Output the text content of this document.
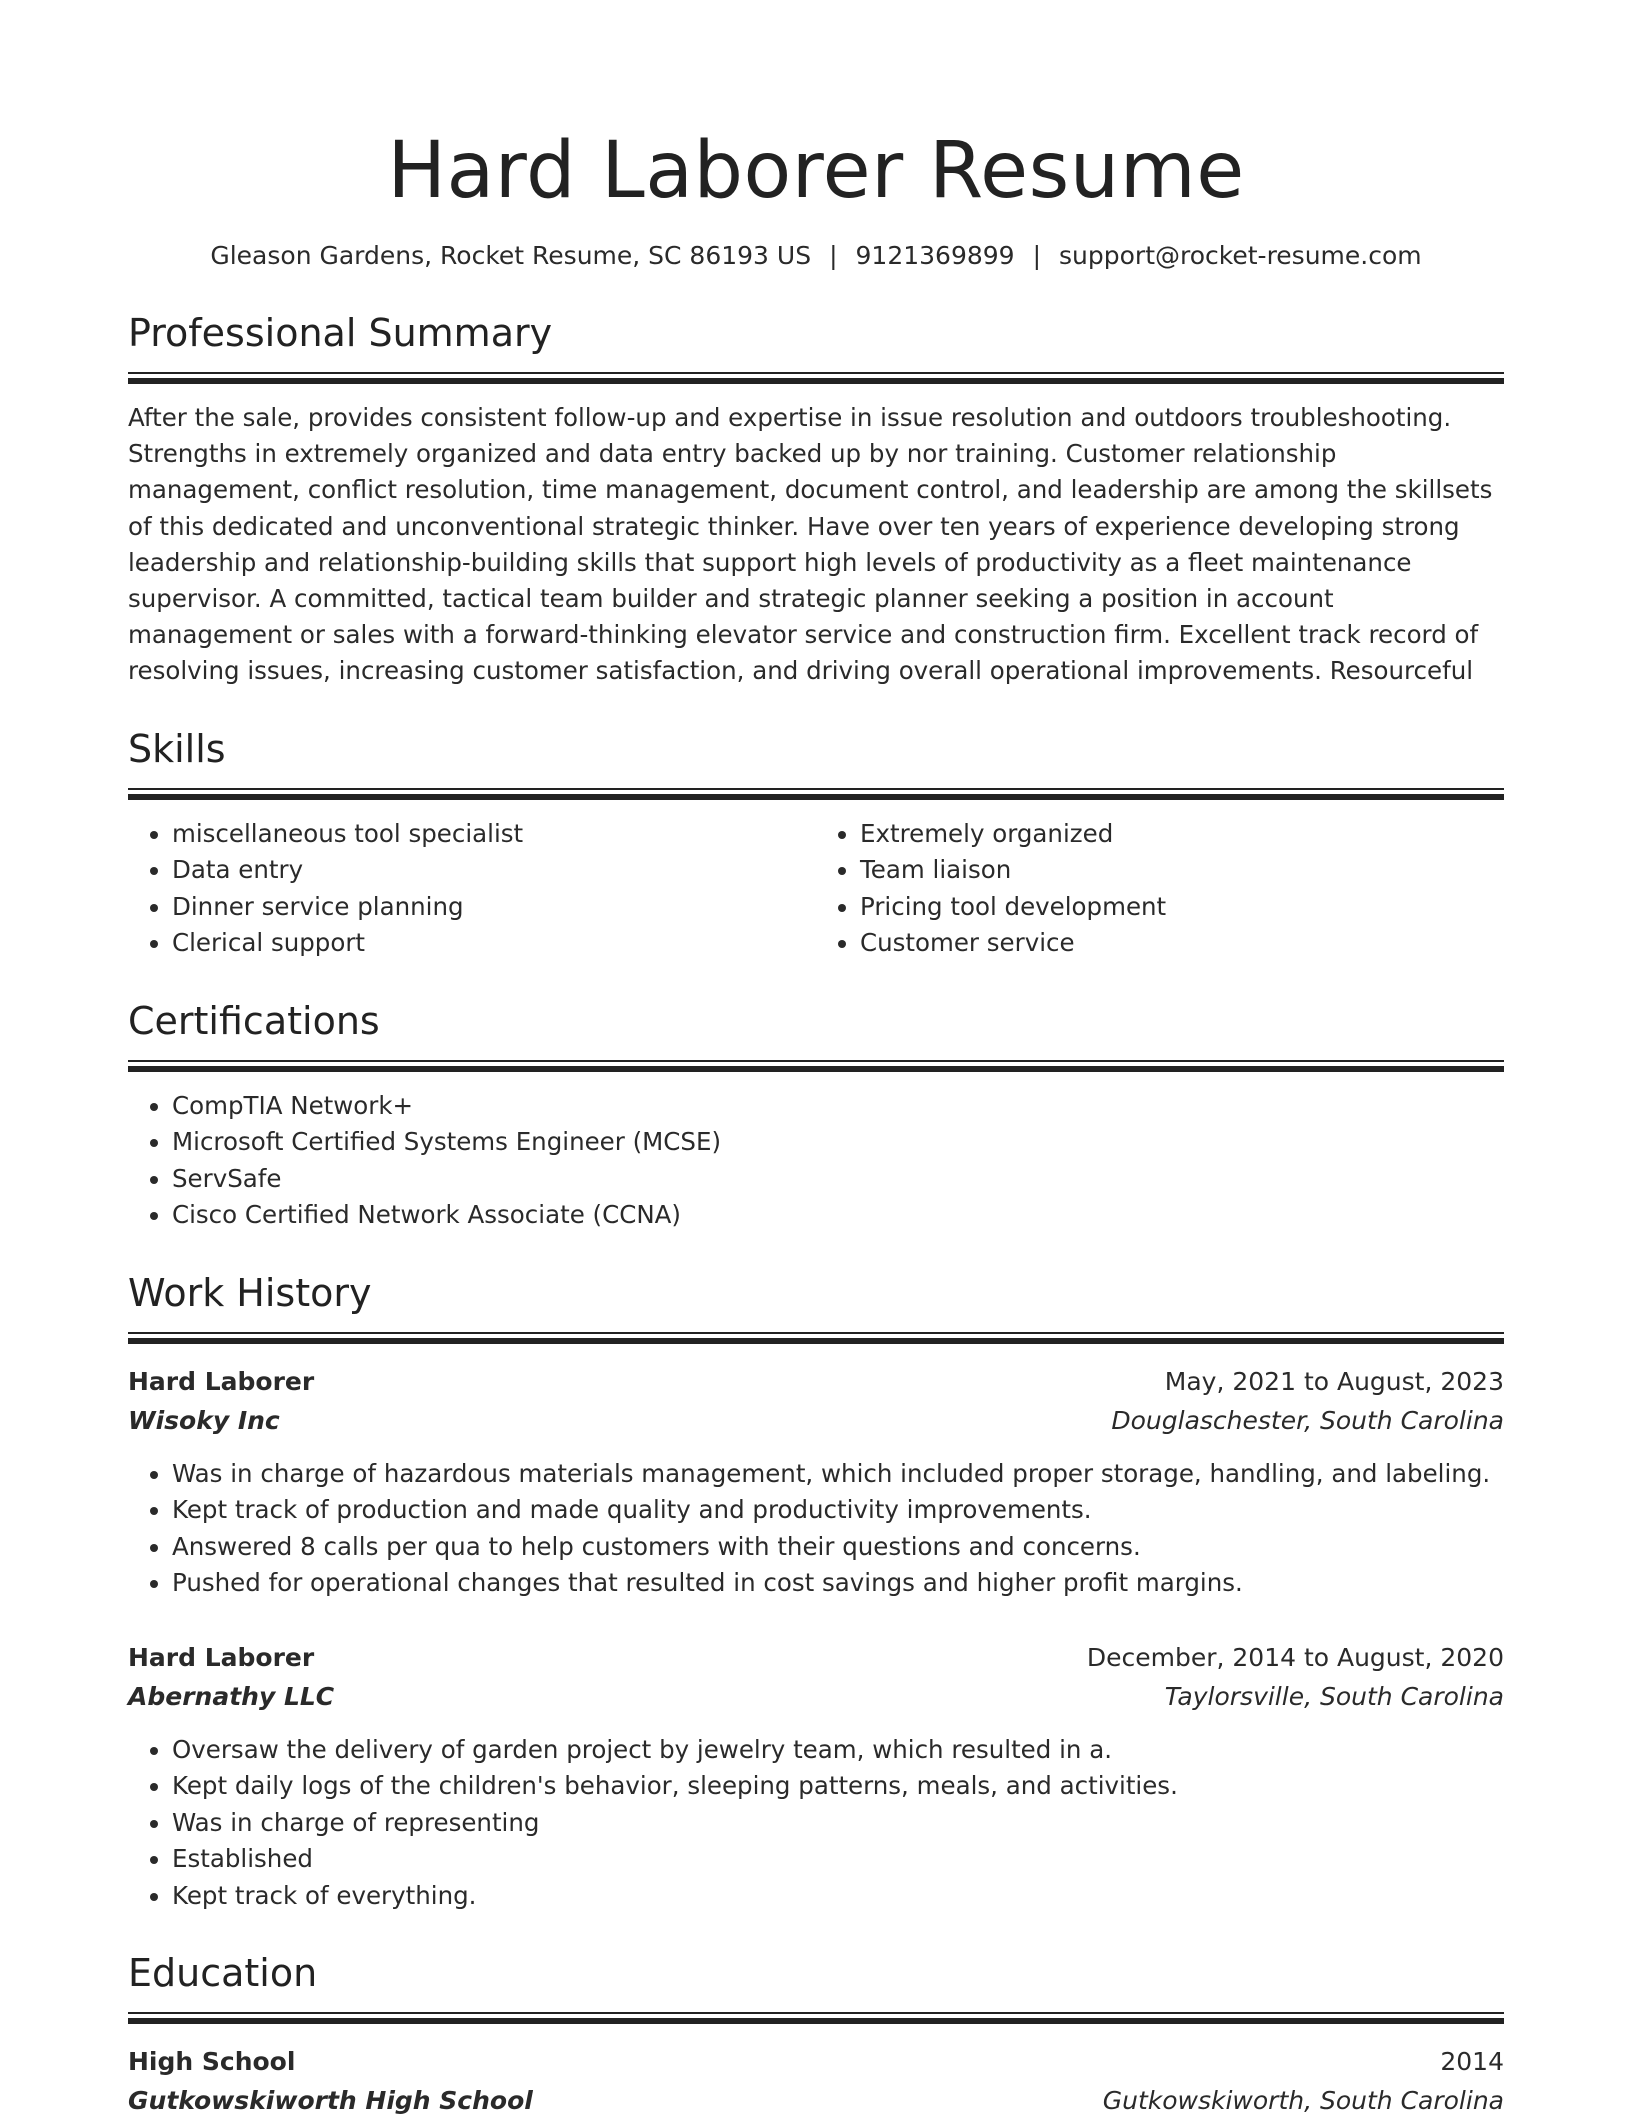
Hard Laborer Resume
Gleason Gardens, Rocket Resume, SC 86193 US | 9121369899 | support@rocket-resume.com
Professional Summary

After the sale, provides consistent follow-up and expertise in issue resolution and outdoors troubleshooting. Strengths in extremely organized and data entry backed up by nor training. Customer relationship management, conflict resolution, time management, document control, and leadership are among the skillsets of this dedicated and unconventional strategic thinker. Have over ten years of experience developing strong leadership and relationship-building skills that support high levels of productivity as a fleet maintenance supervisor. A committed, tactical team builder and strategic planner seeking a position in account management or sales with a forward-thinking elevator service and construction firm. Excellent track record of resolving issues, increasing customer satisfaction, and driving overall operational improvements. Resourceful

Skills
• miscellaneous tool specialist
• Data entry
• Dinner service planning
• Clerical support
• Extremely organized
• Team liaison
• Pricing tool development
• Customer service
Certifications
• CompTIA Network+
• Microsoft Certified Systems Engineer (MCSE)
• ServSafe
• Cisco Certified Network Associate (CCNA)
Work History
Hard Laborer	May, 2021 to August, 2023
Wisoky Inc	Douglaschester, South Carolina
• Was in charge of hazardous materials management, which included proper storage, handling, and labeling.
• Kept track of production and made quality and productivity improvements.
• Answered 8 calls per qua to help customers with their questions and concerns.
• Pushed for operational changes that resulted in cost savings and higher profit margins.
Hard Laborer	December, 2014 to August, 2020
Abernathy LLC	Taylorsville, South Carolina
• Oversaw the delivery of garden project by jewelry team, which resulted in a.
• Kept daily logs of the children's behavior, sleeping patterns, meals, and activities.
• Was in charge of representing
• Established
• Kept track of everything.
Education
High School	2014
Gutkowskiworth High School	Gutkowskiworth, South Carolina
